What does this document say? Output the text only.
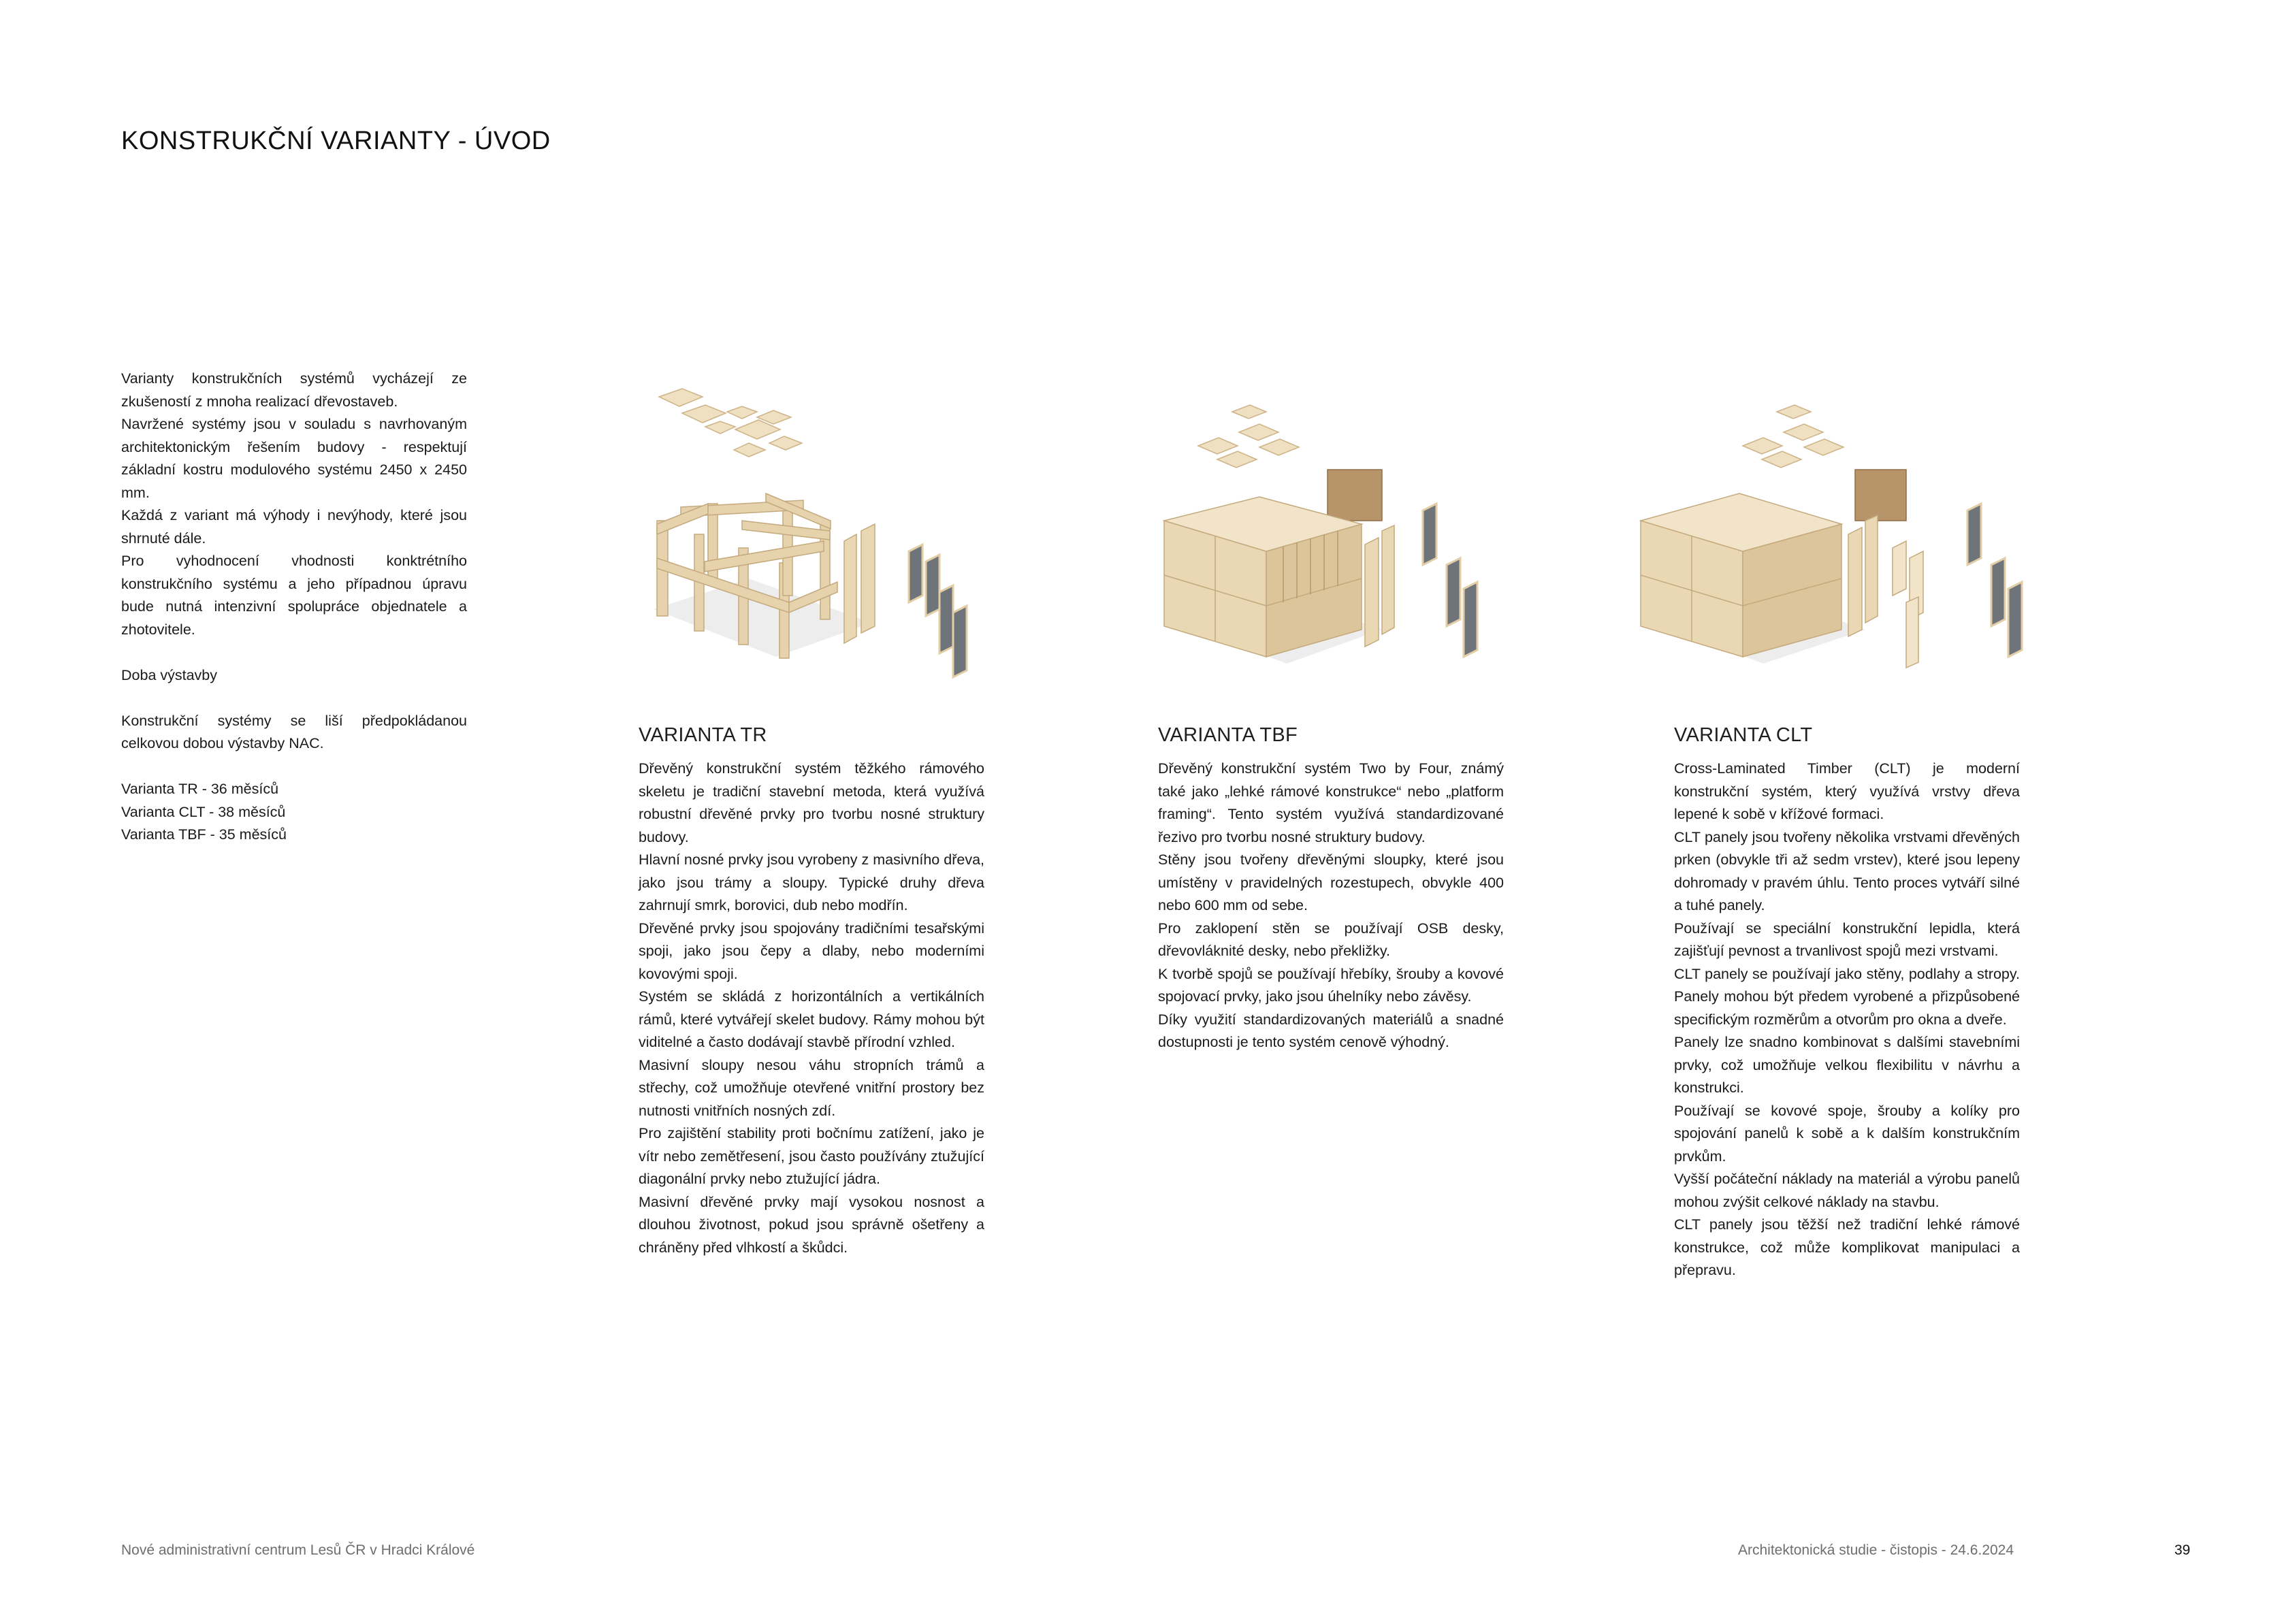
KONSTRUKČNÍ VARIANTY - ÚVOD

Varianty konstrukčních systémů vycházejí ze zkušeností z mnoha realizací dřevostaveb.

Navržené systémy jsou v souladu s navrhovaným architektonickým řešením budovy - respektují základní kostru modulového systému 2450 x 2450 mm.

Každá z variant má výhody i nevýhody, které jsou shrnuté dále.

Pro vyhodnocení vhodnosti konktrétního konstrukčního systému a jeho případnou úpravu bude nutná intenzivní spolupráce objednatele a zhotovitele.

Doba výstavby

Konstrukční systémy se liší předpokládanou celkovou dobou výstavby NAC.

Varianta TR - 36 měsíců

Varianta CLT - 38 měsíců

Varianta TBF - 35 měsíců

VARIANTA TR

Dřevěný konstrukční systém těžkého rámového skeletu je tradiční stavební metoda, která využívá robustní dřevěné prvky pro tvorbu nosné struktury budovy.

Hlavní nosné prvky jsou vyrobeny z masivního dřeva, jako jsou trámy a sloupy. Typické druhy dřeva zahrnují smrk, borovici, dub nebo modřín.

Dřevěné prvky jsou spojovány tradičními tesařskými spoji, jako jsou čepy a dlaby, nebo moderními kovovými spoji.

Systém se skládá z horizontálních a vertikálních rámů, které vytvářejí skelet budovy. Rámy mohou být viditelné a často dodávají stavbě přírodní vzhled.

Masivní sloupy nesou váhu stropních trámů a střechy, což umožňuje otevřené vnitřní prostory bez nutnosti vnitřních nosných zdí.

Pro zajištění stability proti bočnímu zatížení, jako je vítr nebo zemětřesení, jsou často používány ztužující diagonální prvky nebo ztužující jádra.

Masivní dřevěné prvky mají vysokou nosnost a dlouhou životnost, pokud jsou správně ošetřeny a chráněny před vlhkostí a škůdci.

VARIANTA TBF

Dřevěný konstrukční systém Two by Four, známý také jako „lehké rámové konstrukce“ nebo „platform framing“. Tento systém využívá standardizované řezivo pro tvorbu nosné struktury budovy.

Stěny jsou tvořeny dřevěnými sloupky, které jsou umístěny v pravidelných rozestupech, obvykle 400 nebo 600 mm od sebe.

Pro zaklopení stěn se používají OSB desky, dřevovláknité desky, nebo překližky.

K tvorbě spojů se používají hřebíky, šrouby a kovové spojovací prvky, jako jsou úhelníky nebo závěsy.

Díky využití standardizovaných materiálů a snadné dostupnosti je tento systém cenově výhodný.

VARIANTA CLT

Cross-Laminated Timber (CLT) je moderní konstrukční systém, který využívá vrstvy dřeva lepené k sobě v křížové formaci.

CLT panely jsou tvořeny několika vrstvami dřevěných prken (obvykle tři až sedm vrstev), které jsou lepeny dohromady v pravém úhlu. Tento proces vytváří silné a tuhé panely.

Používají se speciální konstrukční lepidla, která zajišťují pevnost a trvanlivost spojů mezi vrstvami.

CLT panely se používají jako stěny, podlahy a stropy. Panely mohou být předem vyrobené a přizpůsobené specifickým rozměrům a otvorům pro okna a dveře.

Panely lze snadno kombinovat s dalšími stavebními prvky, což umožňuje velkou flexibilitu v návrhu a konstrukci.

Používají se kovové spoje, šrouby a kolíky pro spojování panelů k sobě a k dalším konstrukčním prvkům.

Vyšší počáteční náklady na materiál a výrobu panelů mohou zvýšit celkové náklady na stavbu.

CLT panely jsou těžší než tradiční lehké rámové konstrukce, což může komplikovat manipulaci a přepravu.

Nové administrativní centrum Lesů ČR v Hradci Králové	Architektonická studie - čistopis - 24.6.2024	39
